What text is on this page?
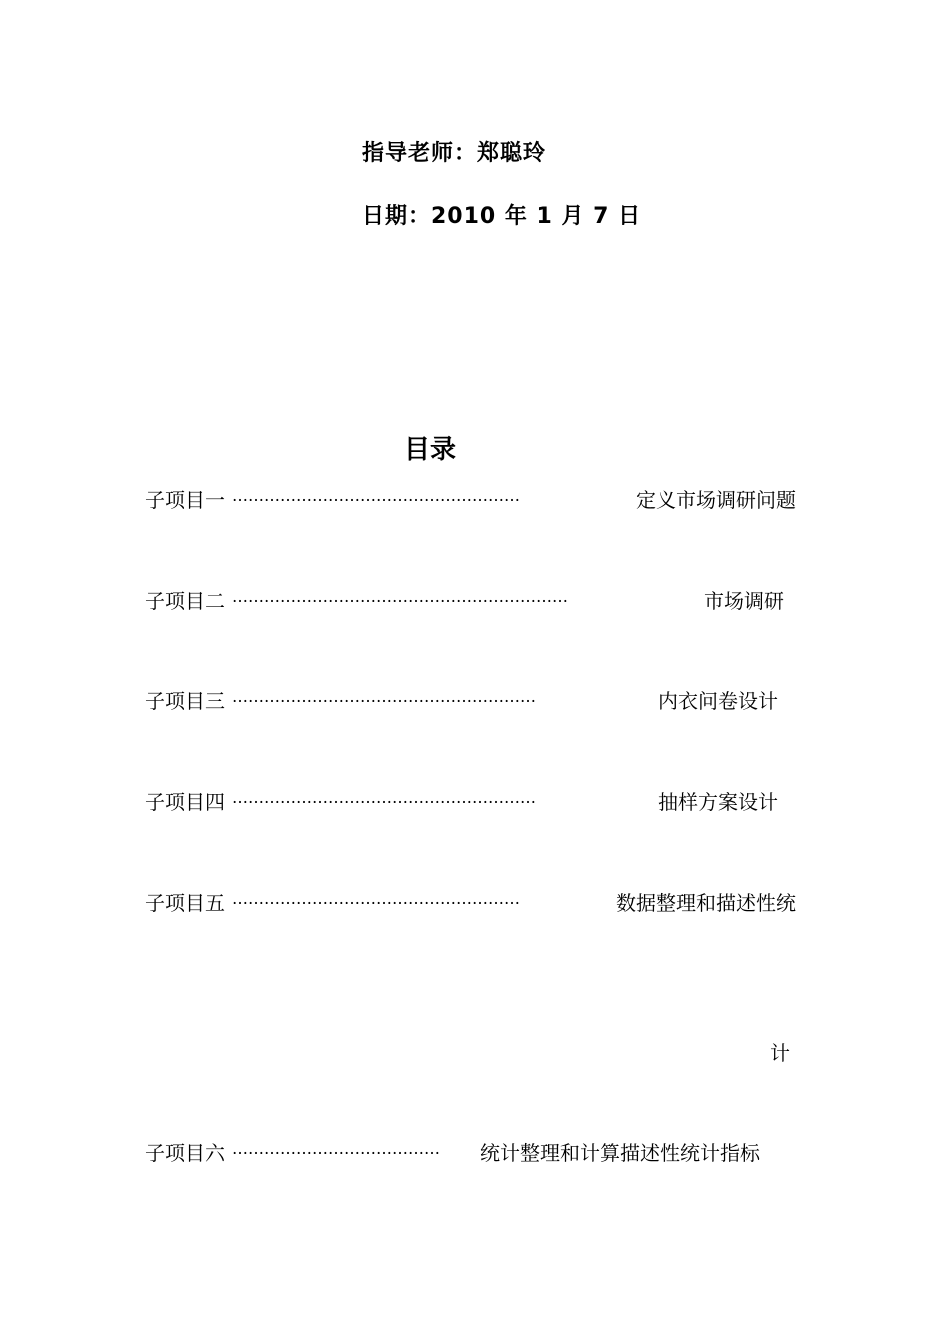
指导老师：郑聪玲

日期：2010 年 1 月 7 日

目录

子项目一 ………………………………………………	定义市场调研问题
子项目二 ………………………………………………………	市场调研
子项目三 …………………………………………………	内衣问卷设计
子项目四 …………………………………………………	抽样方案设计
子项目五 ………………………………………………	数据整理和描述性统
计
子项目六 …………………………………	统计整理和计算描述性统计指标
